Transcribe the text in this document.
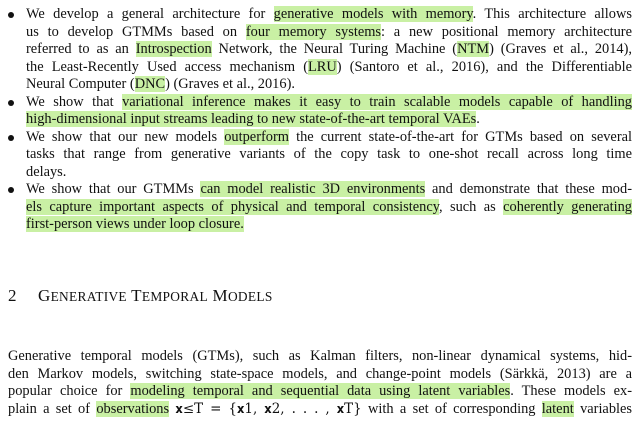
We develop a general architecture for generative models with memory. This architecture allows
us to develop GTMMs based on four memory systems: a new positional memory architecture
referred to as an Introspection Network, the Neural Turing Machine (NTM) (Graves et al., 2014),
the Least-Recently Used access mechanism (LRU) (Santoro et al., 2016), and the Differentiable
Neural Computer (DNC) (Graves et al., 2016).
We show that variational inference makes it easy to train scalable models capable of handling
high-dimensional input streams leading to new state-of-the-art temporal VAEs.
We show that our new models outperform the current state-of-the-art for GTMs based on several
tasks that range from generative variants of the copy task to one-shot recall across long time
delays.
We show that our GTMMs can model realistic 3D environments and demonstrate that these mod-
els capture important aspects of physical and temporal consistency, such as coherently generating
first-person views under loop closure.
2 GENERATIVE TEMPORAL MODELS
Generative temporal models (GTMs), such as Kalman filters, non-linear dynamical systems, hid-
den Markov models, switching state-space models, and change-point models (Särkkä, 2013) are a
popular choice for modeling temporal and sequential data using latent variables. These models ex-
plain a set of observations 𝐱≤T = {𝐱1, 𝐱2, . . . , 𝐱T} with a set of corresponding latent variables
